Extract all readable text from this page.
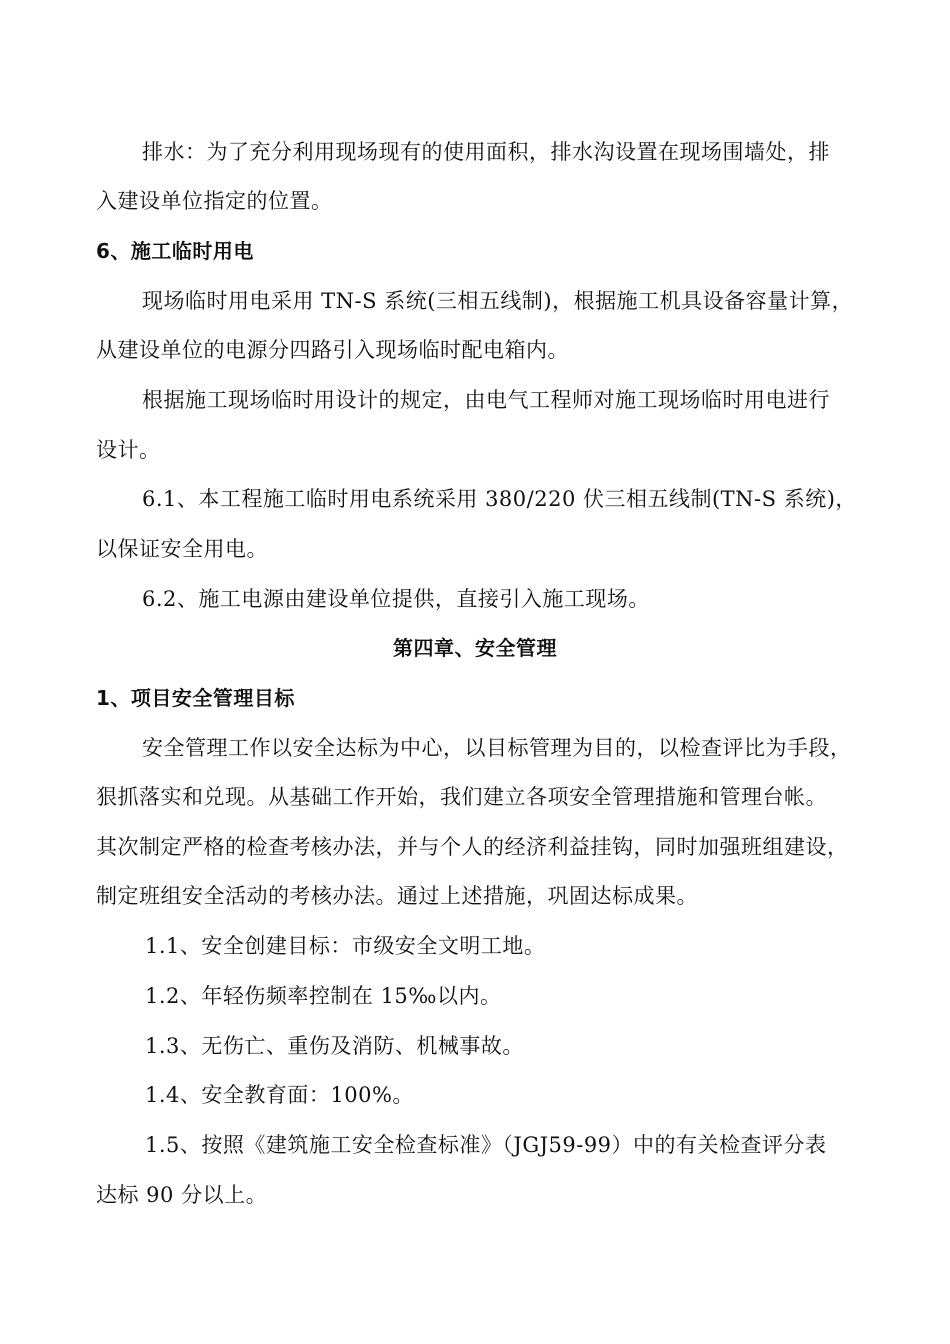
排水：为了充分利用现场现有的使用面积，排水沟设置在现场围墙处，排
入建设单位指定的位置。
6、施工临时用电
现场临时用电采用 TN-S 系统(三相五线制)，根据施工机具设备容量计算，
从建设单位的电源分四路引入现场临时配电箱内。
根据施工现场临时用设计的规定，由电气工程师对施工现场临时用电进行
设计。
6.1、本工程施工临时用电系统采用 380/220 伏三相五线制(TN-S 系统)，
以保证安全用电。
6.2、施工电源由建设单位提供，直接引入施工现场。
第四章、安全管理
1、项目安全管理目标
安全管理工作以安全达标为中心，以目标管理为目的，以检查评比为手段，
狠抓落实和兑现。从基础工作开始，我们建立各项安全管理措施和管理台帐。
其次制定严格的检查考核办法，并与个人的经济利益挂钩，同时加强班组建设，
制定班组安全活动的考核办法。通过上述措施，巩固达标成果。
1.1、安全创建目标：市级安全文明工地。
1.2、年轻伤频率控制在 15‰以内。
1.3、无伤亡、重伤及消防、机械事故。
1.4、安全教育面：100%。
1.5、按照《建筑施工安全检查标准》（JGJ59-99）中的有关检查评分表
达标 90 分以上。
